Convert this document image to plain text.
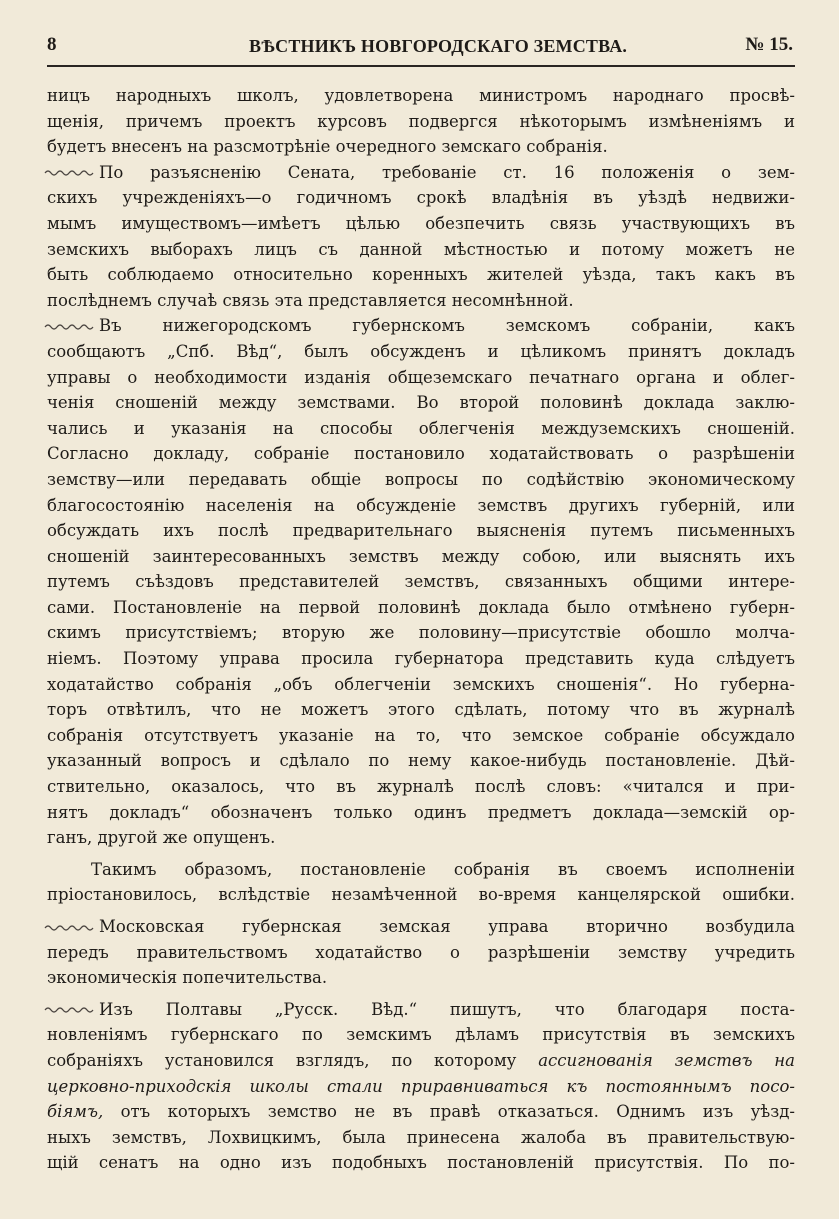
8	ВѢСТНИКЪ НОВГОРОДСКАГО ЗЕМСТВА.	№ 15.
ницъ народныхъ школъ, удовлетворена министромъ народнаго просвѣ-
щенія, причемъ проектъ курсовъ подвергся нѣкоторымъ измѣненіямъ и
будетъ внесенъ на разсмотрѣніе очередного земскаго собранія.
По разъясненію Сената, требованіе ст. 16 положенія о зем-
скихъ учрежденіяхъ—о годичномъ срокѣ владѣнія въ уѣздѣ недвижи-
мымъ имуществомъ—имѣетъ цѣлью обезпечить связь участвующихъ въ
земскихъ выборахъ лицъ съ данной мѣстностью и потому можетъ не
быть соблюдаемо относительно коренныхъ жителей уѣзда, такъ какъ въ
послѣднемъ случаѣ связь эта представляется несомнѣнной.
Въ нижегородскомъ губернскомъ земскомъ собраніи, какъ
сообщаютъ „Спб. Вѣд“, былъ обсужденъ и цѣликомъ принятъ докладъ
управы о необходимости изданія общеземскаго печатнаго органа и облег-
ченія сношеній между земствами. Во второй половинѣ доклада заклю-
чались и указанія на способы облегченія междуземскихъ сношеній.
Согласно докладу, собраніе постановило ходатайствовать о разрѣшеніи
земству—или передавать общіе вопросы по содѣйствію экономическому
благосостоянію населенія на обсужденіе земствъ другихъ губерній, или
обсуждать ихъ послѣ предварительнаго выясненія путемъ письменныхъ
сношеній заинтересованныхъ земствъ между собою, или выяснять ихъ
путемъ съѣздовъ представителей земствъ, связанныхъ общими интере-
сами. Постановленіе на первой половинѣ доклада было отмѣнено губерн-
скимъ присутствіемъ; вторую же половину—присутствіе обошло молча-
ніемъ. Поэтому управа просила губернатора представить куда слѣдуетъ
ходатайство собранія „объ облегченіи земскихъ сношенія“. Но губерна-
торъ отвѣтилъ, что не можетъ этого сдѣлать, потому что въ журналѣ
собранія отсутствуетъ указаніе на то, что земское собраніе обсуждало
указанный вопросъ и сдѣлало по нему какое-нибудь постановленіе. Дѣй-
ствительно, оказалось, что въ журналѣ послѣ словъ: «читался и при-
нятъ докладъ“ обозначенъ только одинъ предметъ доклада—земскій ор-
ганъ, другой же опущенъ.
Такимъ образомъ, постановленіе собранія въ своемъ исполненіи
пріостановилось, вслѣдствіе незамѣченной во-время канцелярской ошибки.
Московская губернская земская управа вторично возбудила
передъ правительствомъ ходатайство о разрѣшеніи земству учредить
экономическія попечительства.
Изъ Полтавы „Русск. Вѣд.“ пишутъ, что благодаря поста-
новленіямъ губернскаго по земскимъ дѣламъ присутствія въ земскихъ
собраніяхъ установился взглядъ, по которому ассигнованія земствъ на
церковно-приходскія школы стали приравниваться къ постояннымъ посо-
біямъ, отъ которыхъ земство не въ правѣ отказаться. Однимъ изъ уѣзд-
ныхъ земствъ, Лохвицкимъ, была принесена жалоба въ правительствую-
щій сенатъ на одно изъ подобныхъ постановленій присутствія. По по-
